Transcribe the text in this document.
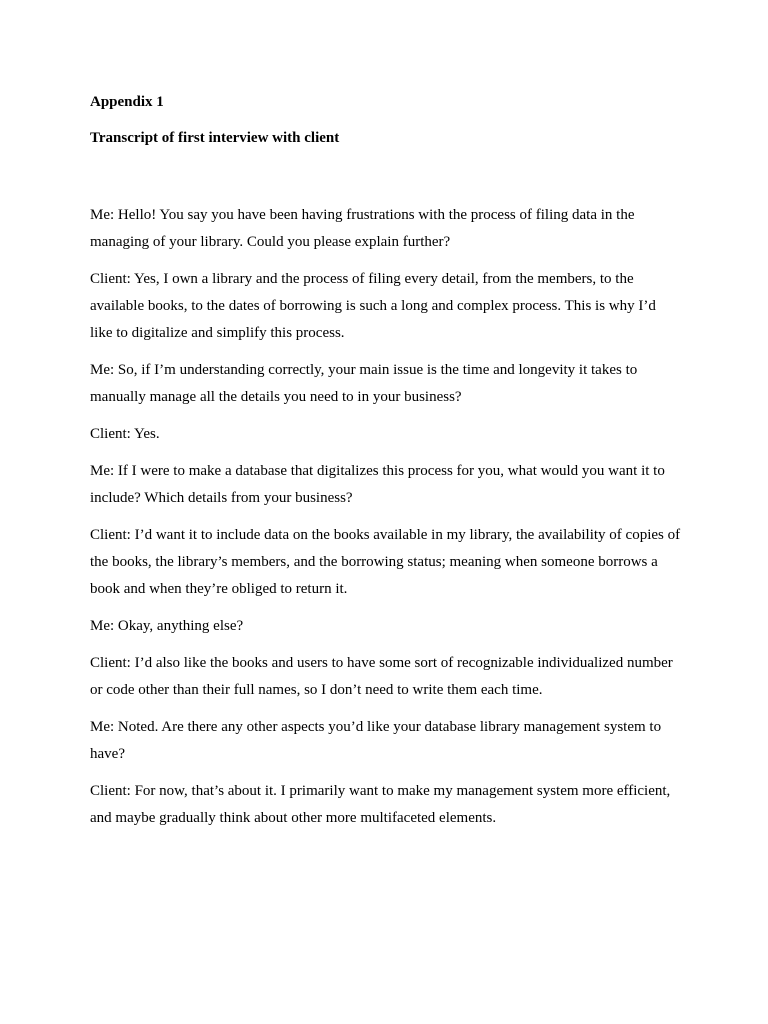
Appendix 1

Transcript of first interview with client

Me: Hello! You say you have been having frustrations with the process of filing data in the managing of your library. Could you please explain further?

Client: Yes, I own a library and the process of filing every detail, from the members, to the available books, to the dates of borrowing is such a long and complex process. This is why I’d like to digitalize and simplify this process.

Me: So, if I’m understanding correctly, your main issue is the time and longevity it takes to manually manage all the details you need to in your business?

Client: Yes.

Me: If I were to make a database that digitalizes this process for you, what would you want it to include? Which details from your business?

Client: I’d want it to include data on the books available in my library, the availability of copies of the books, the library’s members, and the borrowing status; meaning when someone borrows a book and when they’re obliged to return it.

Me: Okay, anything else?

Client: I’d also like the books and users to have some sort of recognizable individualized number or code other than their full names, so I don’t need to write them each time.

Me: Noted. Are there any other aspects you’d like your database library management system to have?

Client: For now, that’s about it. I primarily want to make my management system more efficient, and maybe gradually think about other more multifaceted elements.
